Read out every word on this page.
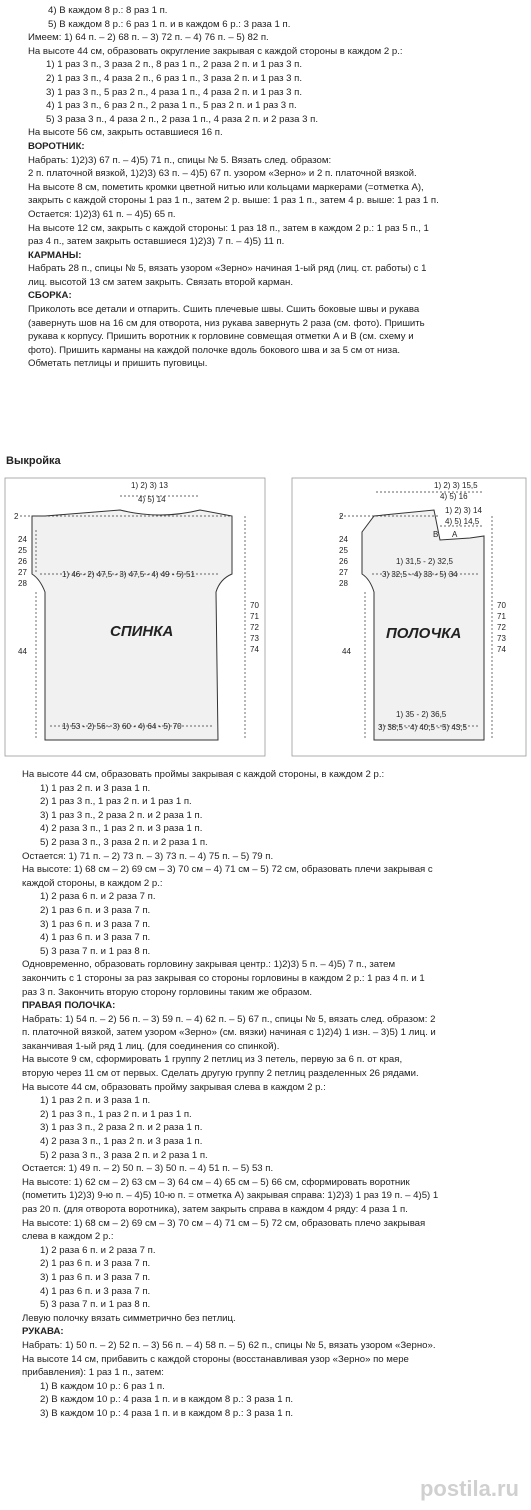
4) В каждом 8 р.: 8 раз 1 п.
5) В каждом 8 р.: 6 раз 1 п. и в каждом 6 р.: 3 раза 1 п.
Имеем: 1) 64 п. – 2) 68 п. – 3) 72 п. – 4) 76 п. – 5) 82 п.
На высоте 44 см, образовать округление закрывая с каждой стороны в каждом 2 р.:
1) 1 раз 3 п., 3 раза 2 п., 8 раз 1 п., 2 раза 2 п. и 1 раз 3 п.
2) 1 раз 3 п., 4 раза 2 п., 6 раз 1 п., 3 раза 2 п. и 1 раз 3 п.
3) 1 раз 3 п., 5 раз 2 п., 4 раза 1 п., 4 раза 2 п. и 1 раз 3 п.
4) 1 раз 3 п., 6 раз 2 п., 2 раза 1 п., 5 раз 2 п. и 1 раз 3 п.
5) 3 раза 3 п., 4 раза 2 п., 2 раза 1 п., 4 раза 2 п. и 2 раза 3 п.
На высоте 56 см, закрыть оставшиеся 16 п.
ВОРОТНИК:
Набрать: 1)2)3) 67 п. – 4)5) 71 п., спицы № 5. Вязать след. образом:
2 п. платочной вязкой, 1)2)3) 63 п. – 4)5) 67 п. узором «Зерно» и 2 п. платочной вязкой.
На высоте 8 см, пометить кромки цветной нитью или кольцами маркерами (=отметка А),
закрыть с каждой стороны 1 раз 1 п., затем 2 р. выше: 1 раз 1 п., затем 4 р. выше: 1 раз 1 п.
Остается: 1)2)3) 61 п. – 4)5) 65 п.
На высоте 12 см, закрыть с каждой стороны: 1 раз 18 п., затем в каждом 2 р.: 1 раз 5 п., 1
раз 4 п., затем закрыть оставшиеся 1)2)3) 7 п. – 4)5) 11 п.
КАРМАНЫ:
Набрать 28 п., спицы № 5, вязать узором «Зерно» начиная 1-ый ряд (лиц. ст. работы) с 1
лиц. высотой 13 см затем закрыть. Связать второй карман.
СБОРКА:
Приколоть все детали и отпарить. Сшить плечевые швы. Сшить боковые швы и рукава
(завернуть шов на 16 см для отворота, низ рукава завернуть 2 раза (см. фото). Пришить
рукава к корпусу. Пришить воротник к горловине совмещая отметки А и В (см. схему и
фото). Пришить карманы на каждой полочке вдоль бокового шва и за 5 см от низа.
Обметать петлицы и пришить пуговицы.
Выкройка
1) 2) 3) 13
4) 5) 14
2
24
25
26
27
28
1) 46 - 2) 47,5 - 3) 47,5 - 4) 49 - 5) 51
СПИНКА
44
70
71
72
73
74
1) 53 - 2) 56 - 3) 60 - 4) 64 - 5) 70
1) 2) 3) 15,5
4) 5) 16
1) 2) 3) 14
4) 5) 14,5
B A
2
24
25
26
27
28
1) 31,5 - 2) 32,5
3) 32,5 - 4) 33 - 5) 34
ПОЛОЧКА
44
70
71
72
73
74
1) 35 - 2) 36,5
3) 38,5 - 4) 40,5 - 5) 43,5
На высоте 44 см, образовать проймы закрывая с каждой стороны, в каждом 2 р.:
1) 1 раз 2 п. и 3 раза 1 п.
2) 1 раз 3 п., 1 раз 2 п. и 1 раз 1 п.
3) 1 раз 3 п., 2 раза 2 п. и 2 раза 1 п.
4) 2 раза 3 п., 1 раз 2 п. и 3 раза 1 п.
5) 2 раза 3 п., 3 раза 2 п. и 2 раза 1 п.
Остается: 1) 71 п. – 2) 73 п. – 3) 73 п. – 4) 75 п. – 5) 79 п.
На высоте: 1) 68 см – 2) 69 см – 3) 70 см – 4) 71 см – 5) 72 см, образовать плечи закрывая с
каждой стороны, в каждом 2 р.:
1) 2 раза 6 п. и 2 раза 7 п.
2) 1 раз 6 п. и 3 раза 7 п.
3) 1 раз 6 п. и 3 раза 7 п.
4) 1 раз 6 п. и 3 раза 7 п.
5) 3 раза 7 п. и 1 раз 8 п.
Одновременно, образовать горловину закрывая центр.: 1)2)3) 5 п. – 4)5) 7 п., затем
закончить с 1 стороны за раз закрывая со стороны горловины в каждом 2 р.: 1 раз 4 п. и 1
раз 3 п. Закончить вторую сторону горловины таким же образом.
ПРАВАЯ ПОЛОЧКА:
Набрать: 1) 54 п. – 2) 56 п. – 3) 59 п. – 4) 62 п. – 5) 67 п., спицы № 5, вязать след. образом: 2
п. платочной вязкой, затем узором «Зерно» (см. вязки) начиная с 1)2)4) 1 изн. – 3)5) 1 лиц. и
заканчивая 1-ый ряд 1 лиц. (для соединения со спинкой).
На высоте 9 см, сформировать 1 группу 2 петлиц из 3 петель, первую за 6 п. от края,
вторую через 11 см от первых. Сделать другую группу 2 петлиц разделенных 26 рядами.
На высоте 44 см, образовать пройму закрывая слева в каждом 2 р.:
1) 1 раз 2 п. и 3 раза 1 п.
2) 1 раз 3 п., 1 раз 2 п. и 1 раз 1 п.
3) 1 раз 3 п., 2 раза 2 п. и 2 раза 1 п.
4) 2 раза 3 п., 1 раз 2 п. и 3 раза 1 п.
5) 2 раза 3 п., 3 раза 2 п. и 2 раза 1 п.
Остается: 1) 49 п. – 2) 50 п. – 3) 50 п. – 4) 51 п. – 5) 53 п.
На высоте: 1) 62 см – 2) 63 см – 3) 64 см – 4) 65 см – 5) 66 см, сформировать воротник
(пометить 1)2)3) 9-ю п. – 4)5) 10-ю п. = отметка А) закрывая справа: 1)2)3) 1 раз 19 п. – 4)5) 1
раз 20 п. (для отворота воротника), затем закрыть справа в каждом 4 ряду: 4 раза 1 п.
На высоте: 1) 68 см – 2) 69 см – 3) 70 см – 4) 71 см – 5) 72 см, образовать плечо закрывая
слева в каждом 2 р.:
1) 2 раза 6 п. и 2 раза 7 п.
2) 1 раз 6 п. и 3 раза 7 п.
3) 1 раз 6 п. и 3 раза 7 п.
4) 1 раз 6 п. и 3 раза 7 п.
5) 3 раза 7 п. и 1 раз 8 п.
Левую полочку вязать симметрично без петлиц.
РУКАВА:
Набрать: 1) 50 п. – 2) 52 п. – 3) 56 п. – 4) 58 п. – 5) 62 п., спицы № 5, вязать узором «Зерно».
На высоте 14 см, прибавить с каждой стороны (восстанавливая узор «Зерно» по мере
прибавления): 1 раз 1 п., затем:
1) В каждом 10 р.: 6 раз 1 п.
2) В каждом 10 р.: 4 раза 1 п. и в каждом 8 р.: 3 раза 1 п.
3) В каждом 10 р.: 4 раза 1 п. и в каждом 8 р.: 3 раза 1 п.
postila.ru
